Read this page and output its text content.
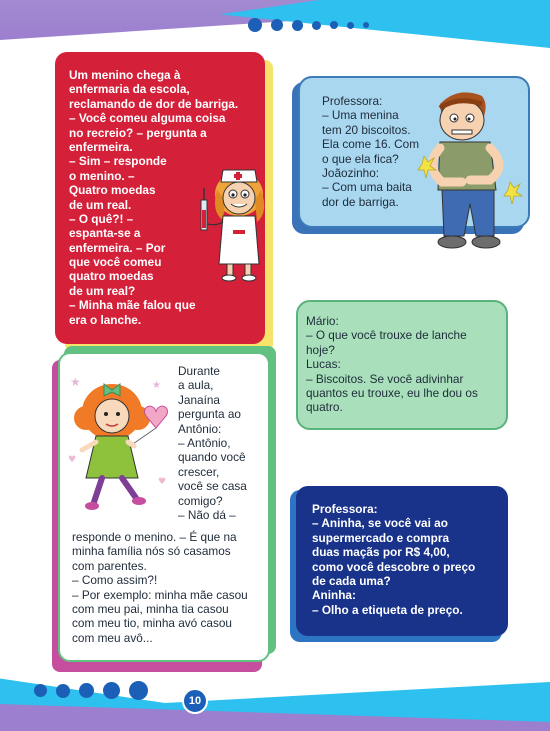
10
Um menino chega à
enfermaria da escola,
reclamando de dor de barriga.
– Você comeu alguma coisa
no recreio? – pergunta a
enfermeira.
– Sim – responde
o menino. –
Quatro moedas
de um real.
– O quê?! –
espanta-se a
enfermeira. – Por
que você comeu
quatro moedas
de um real?
– Minha mãe falou que
era o lanche.
Professora:
– Uma menina
tem 20 biscoitos.
Ela come 16. Com
o que ela fica?
Joãozinho:
– Com uma baita
dor de barriga.
Mário:
– O que você trouxe de lanche
hoje?
Lucas:
– Biscoitos. Se você adivinhar
quantos eu trouxe, eu lhe dou os
quatro.
Durante
a aula,
Janaína
pergunta ao
Antônio:
– Antônio,
quando você
crescer,
você se casa
comigo?
– Não dá –
responde o menino. – É que na
minha família nós só casamos
com parentes.
– Como assim?!
– Por exemplo: minha mãe casou
com meu pai, minha tia casou
com meu tio, minha avó casou
com meu avô...
★	★
♥
♥
Professora:
– Aninha, se você vai ao
supermercado e compra
duas maçãs por R$ 4,00,
como você descobre o preço
de cada uma?
Aninha:
– Olho a etiqueta de preço.
